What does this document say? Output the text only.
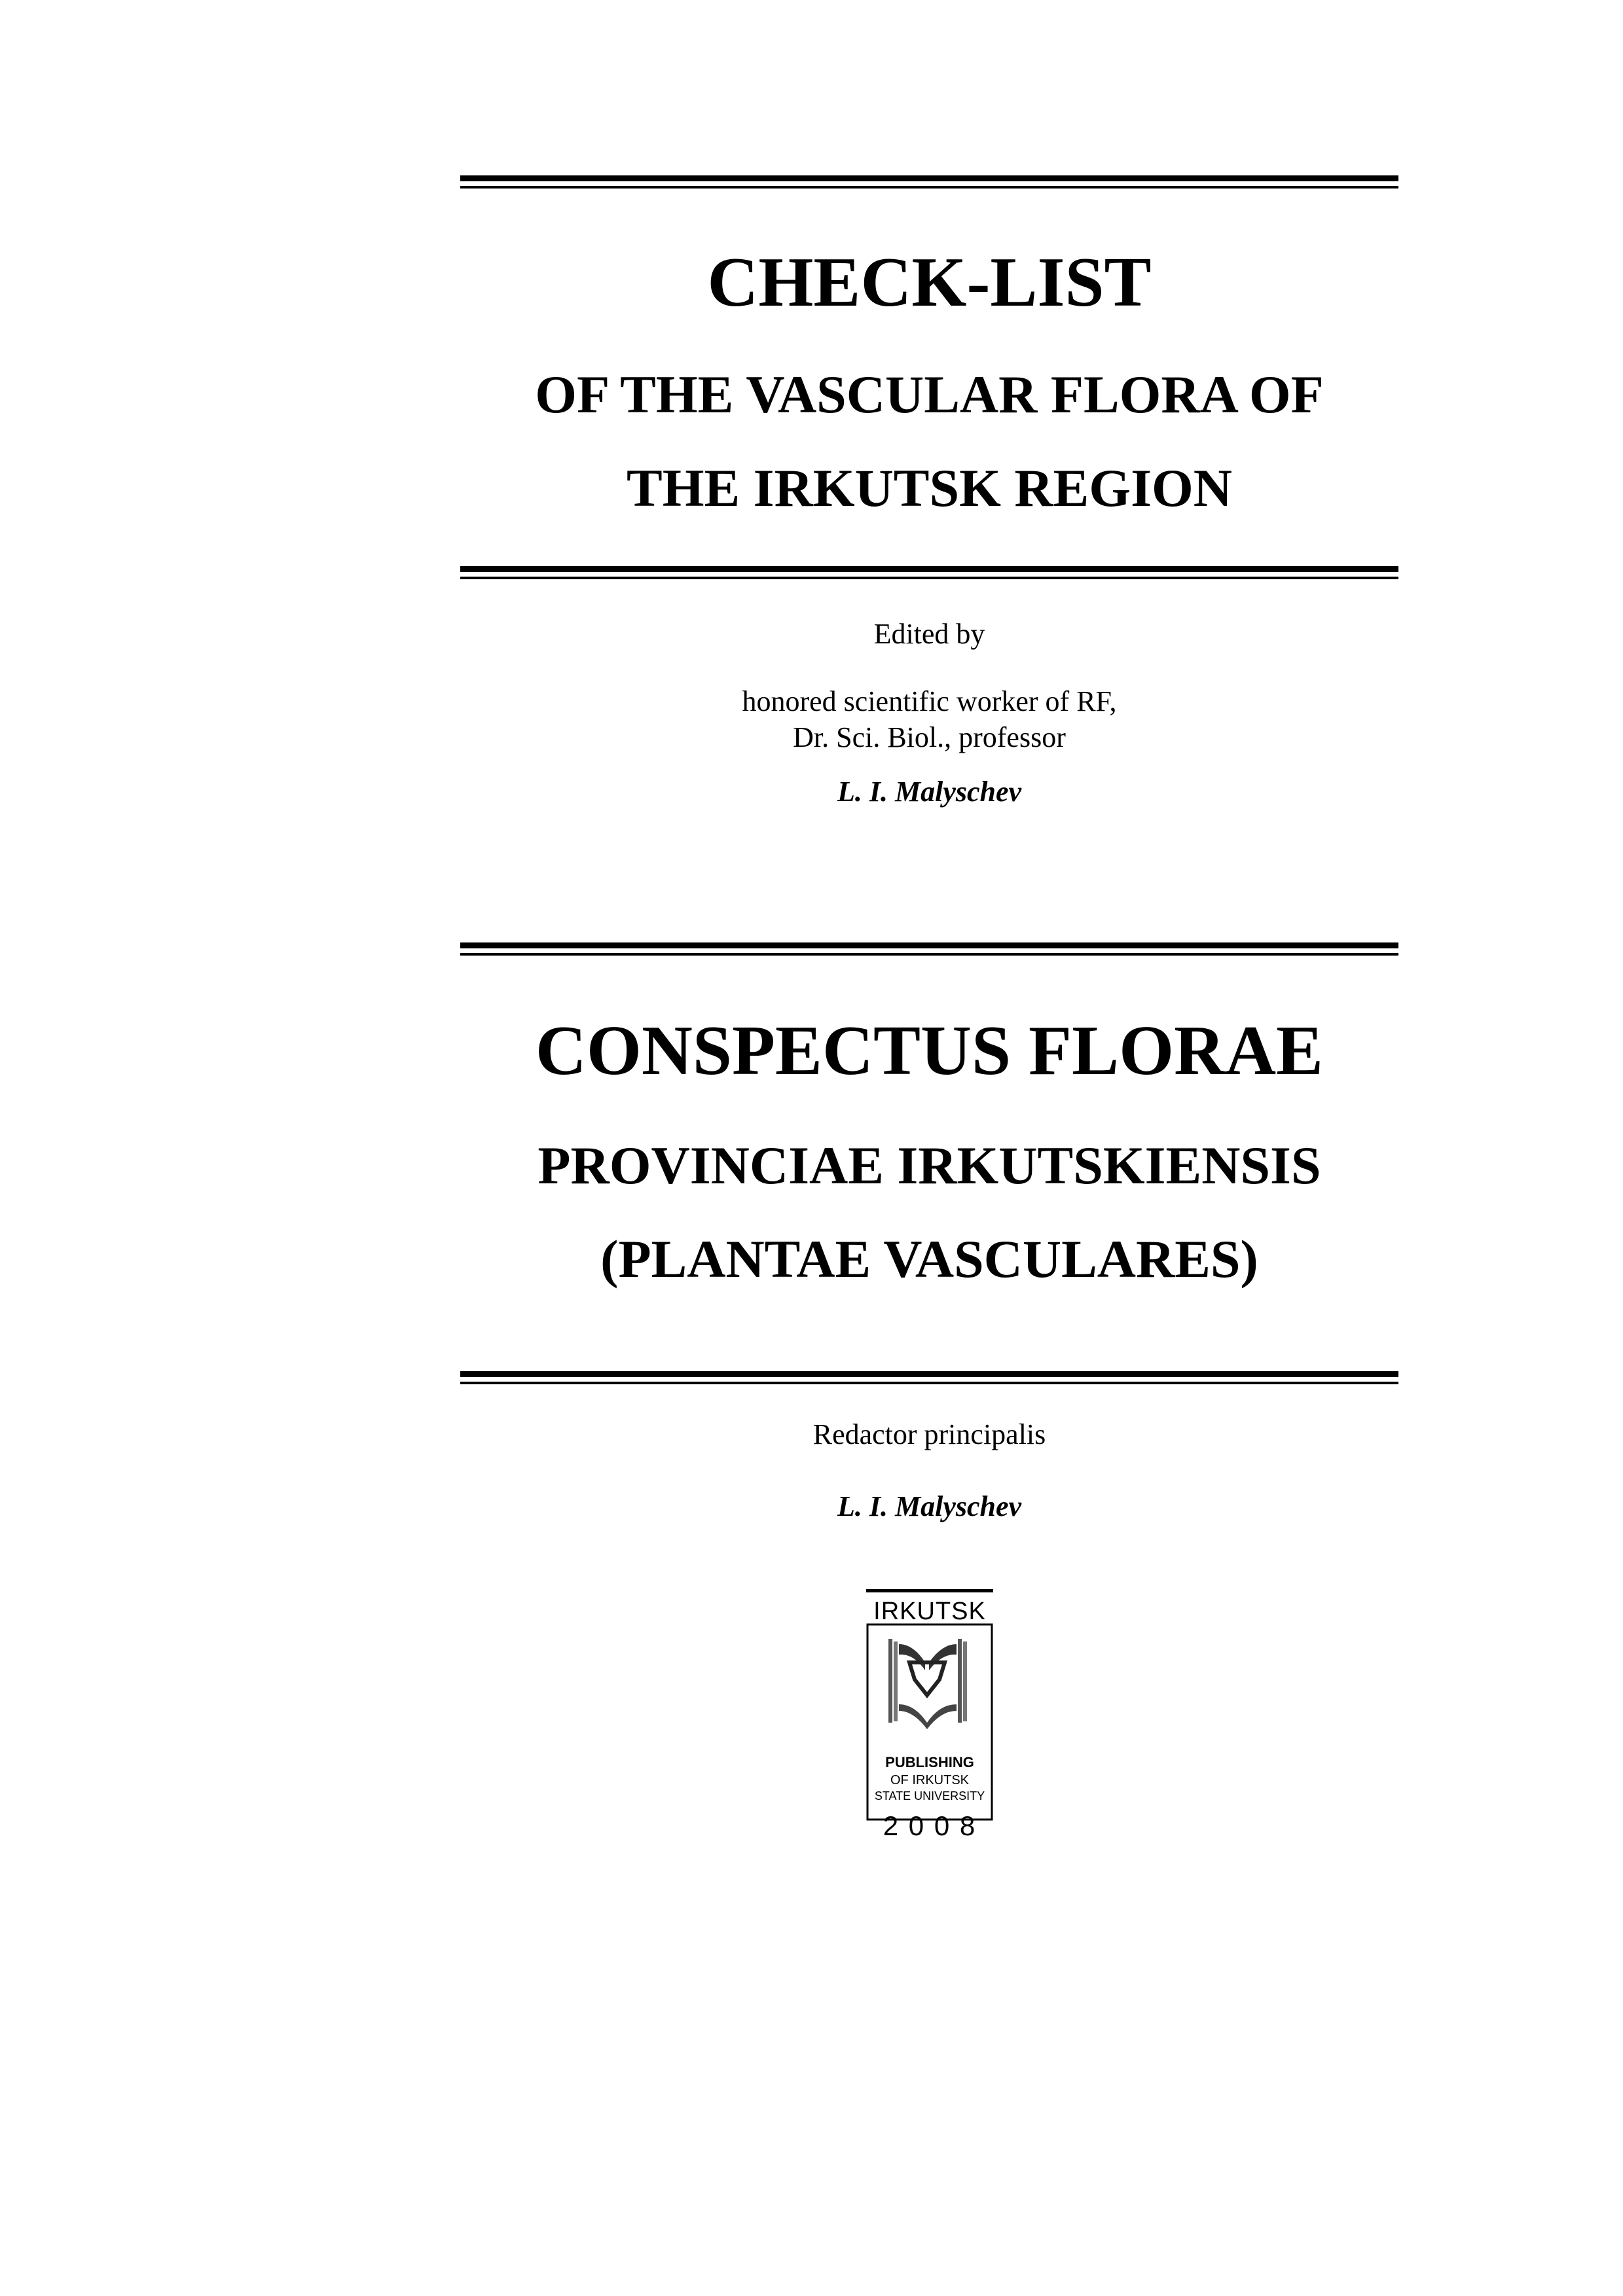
CHECK-LIST
OF THE VASCULAR FLORA OF
THE IRKUTSK REGION
Edited by
honored scientific worker of RF,
Dr. Sci. Biol., professor
L. I. Malyschev
CONSPECTUS FLORAE
PROVINCIAE IRKUTSKIENSIS
(PLANTAE VASCULARES)
Redactor principalis
L. I. Malyschev
IRKUTSK
PUBLISHING
OF IRKUTSK
STATE UNIVERSITY
2 0 0 8
